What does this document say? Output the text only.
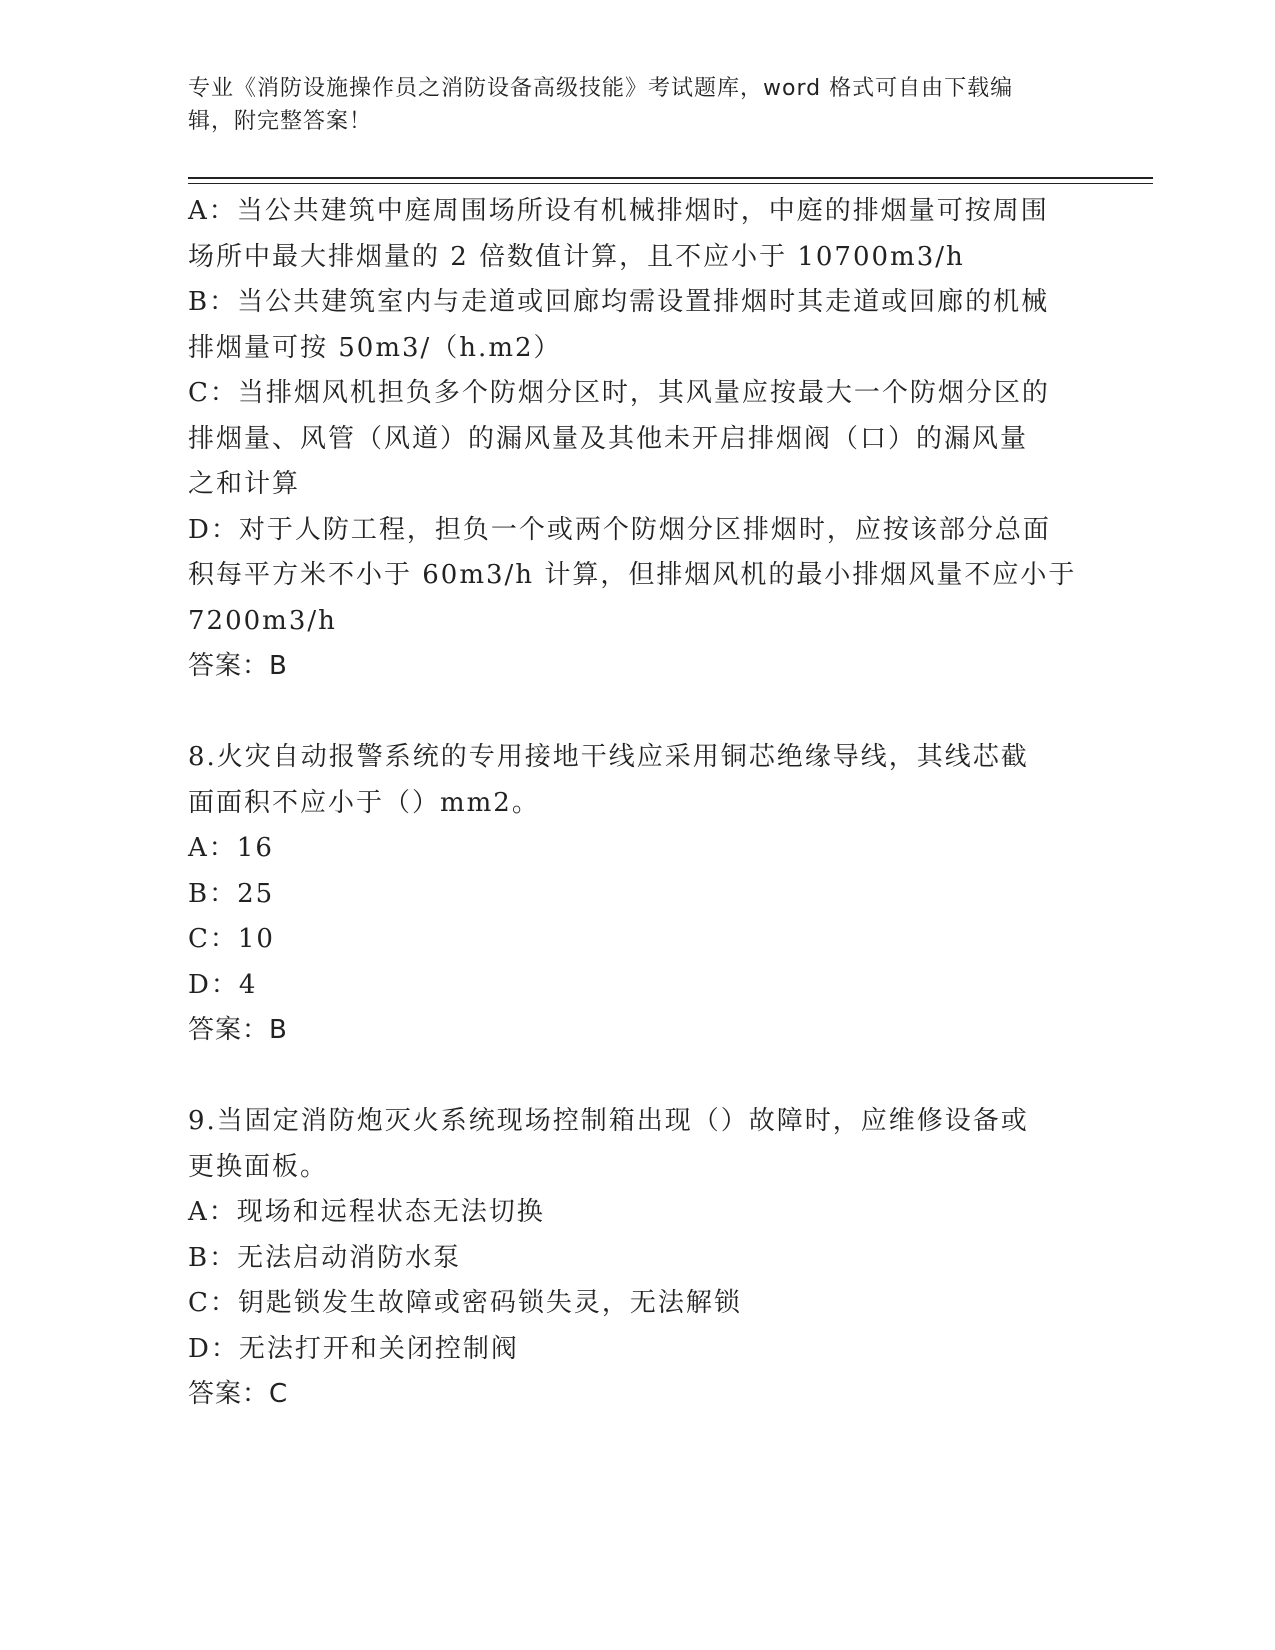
专业《消防设施操作员之消防设备高级技能》考试题库，word 格式可自由下载编
辑，附完整答案！
A：当公共建筑中庭周围场所设有机械排烟时，中庭的排烟量可按周围
场所中最大排烟量的 2 倍数值计算，且不应小于 10700m3/h
B：当公共建筑室内与走道或回廊均需设置排烟时其走道或回廊的机械
排烟量可按 50m3/（h.m2）
C：当排烟风机担负多个防烟分区时，其风量应按最大一个防烟分区的
排烟量、风管（风道）的漏风量及其他未开启排烟阀（口）的漏风量
之和计算
D：对于人防工程，担负一个或两个防烟分区排烟时，应按该部分总面
积每平方米不小于 60m3/h 计算，但排烟风机的最小排烟风量不应小于
7200m3/h
答案：B
8.火灾自动报警系统的专用接地干线应采用铜芯绝缘导线，其线芯截
面面积不应小于（）mm2。
A：16
B：25
C：10
D：4
答案：B
9.当固定消防炮灭火系统现场控制箱出现（）故障时，应维修设备或
更换面板。
A：现场和远程状态无法切换
B：无法启动消防水泵
C：钥匙锁发生故障或密码锁失灵，无法解锁
D：无法打开和关闭控制阀
答案：C
